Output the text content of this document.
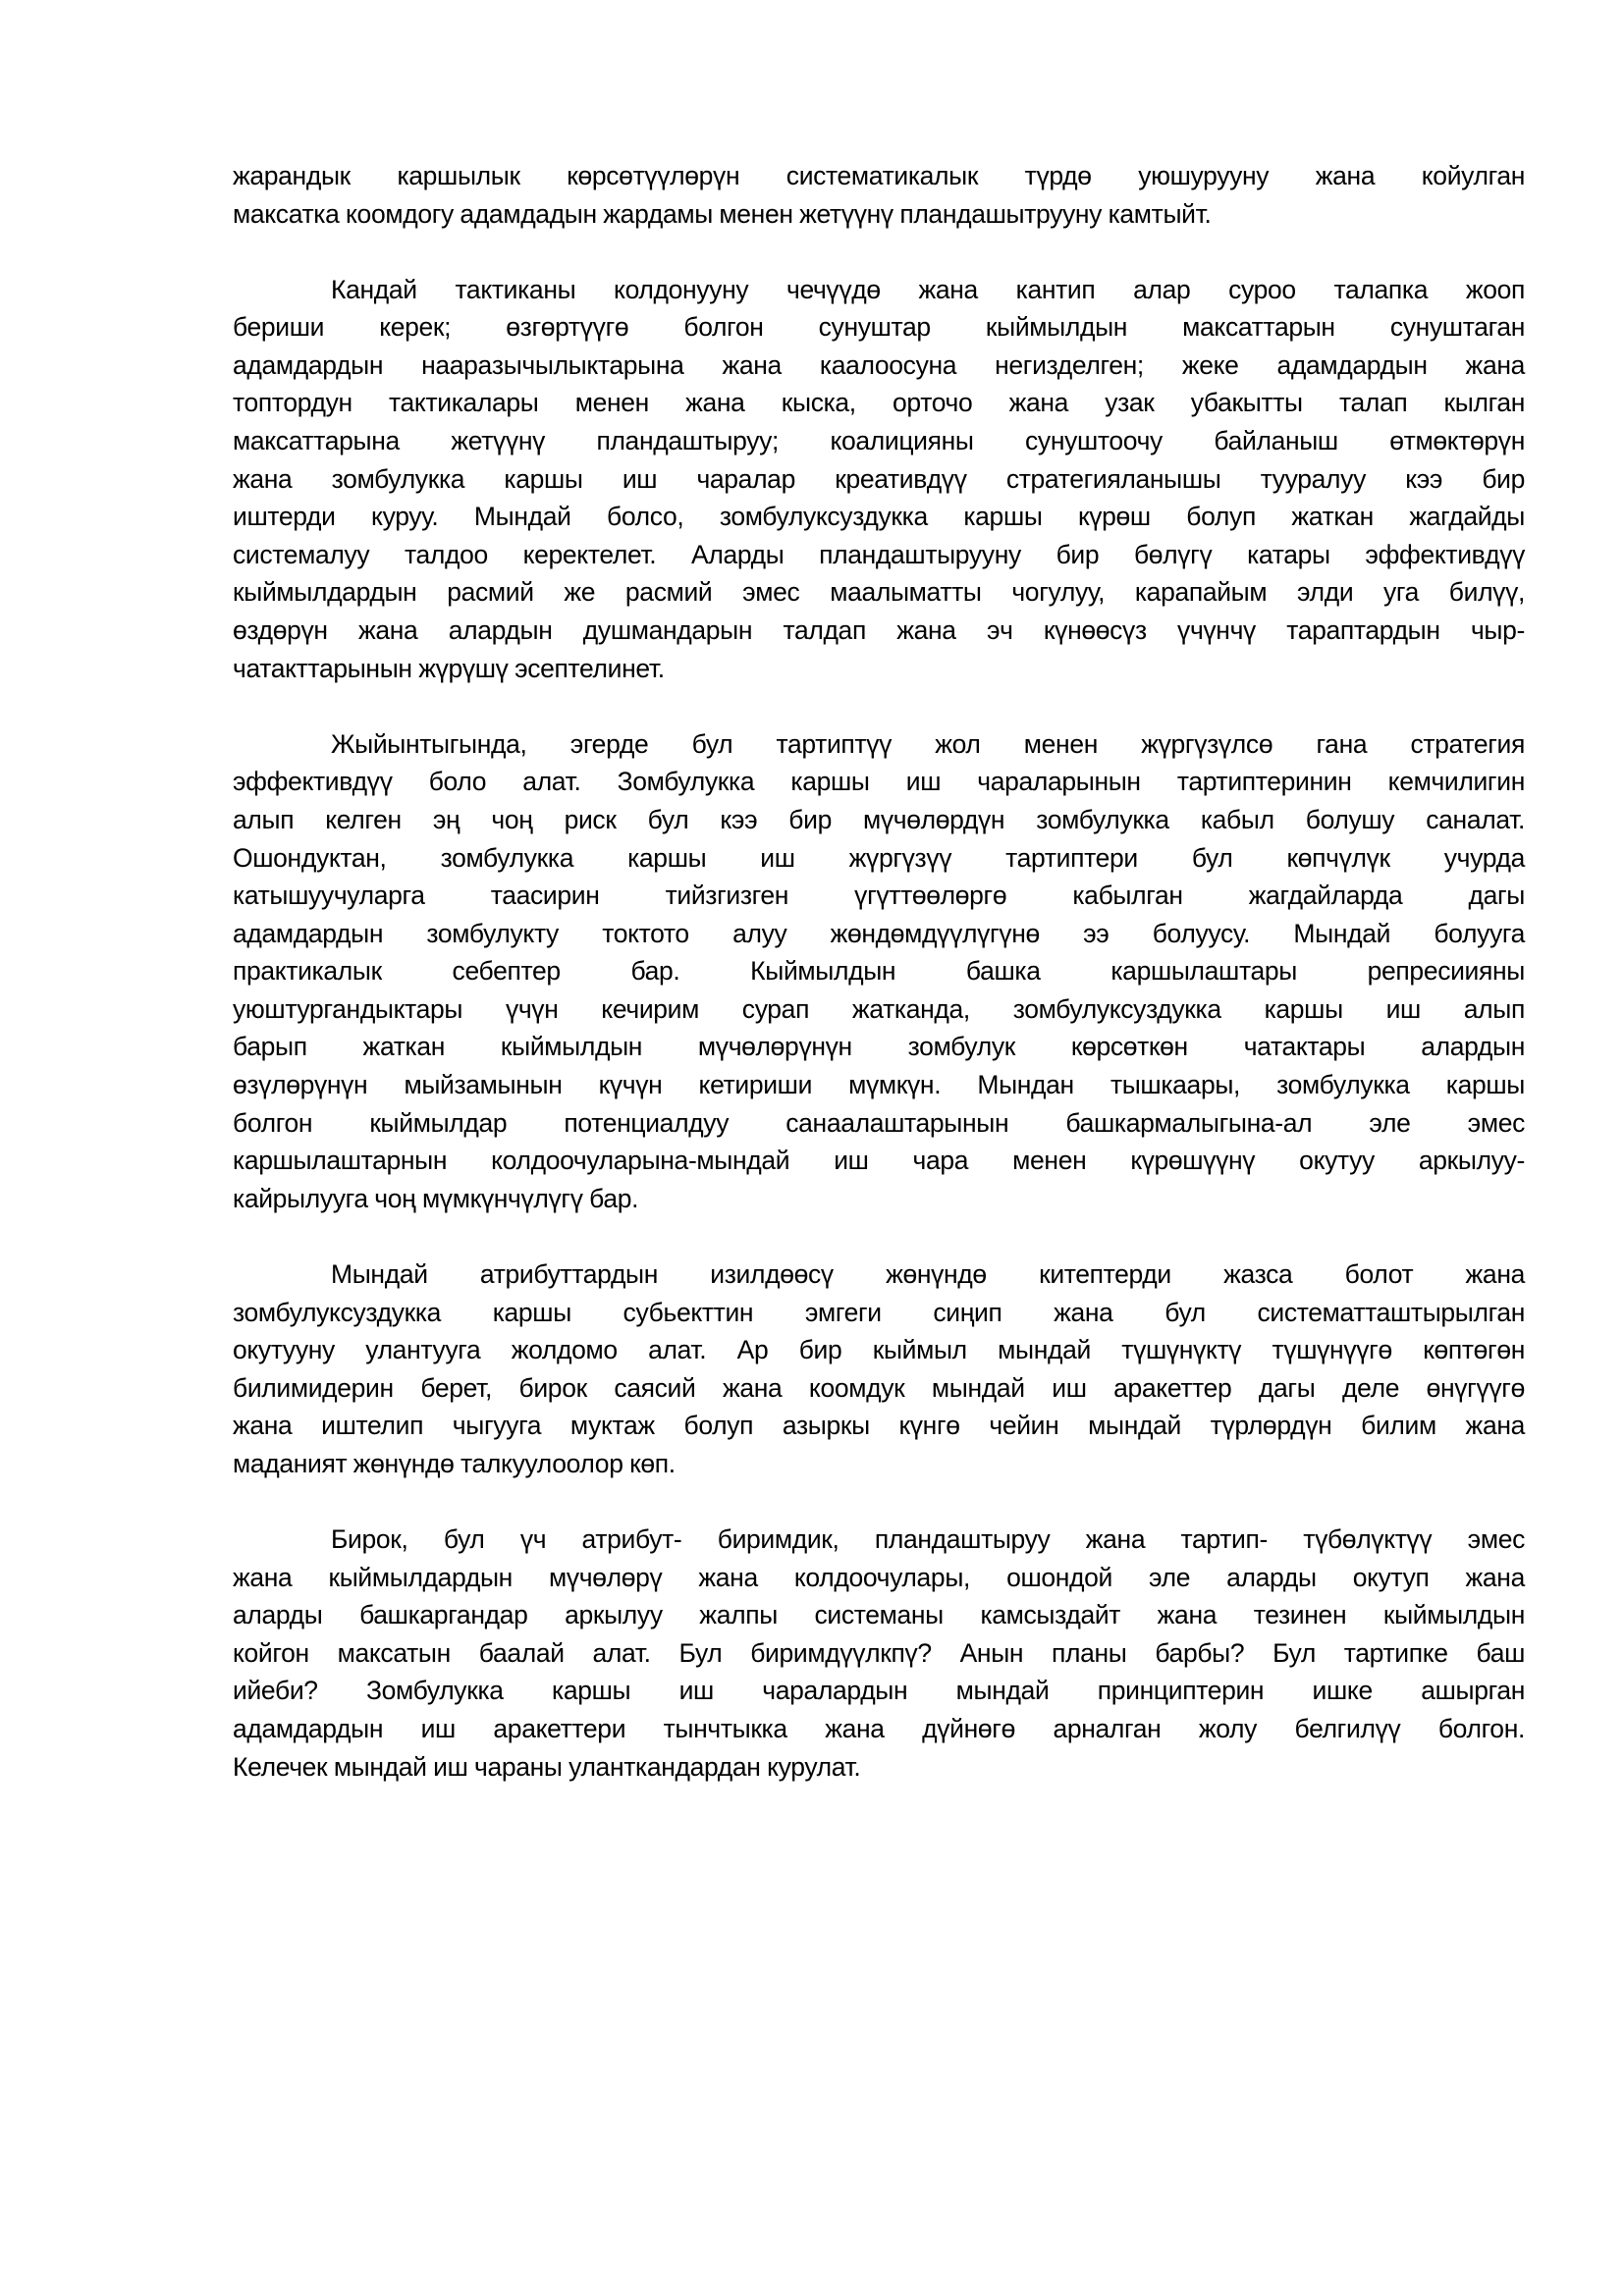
жарандык каршылык көрсөтүүлөрүн систематикалык түрдө уюшурууну жана койулган
максатка коомдогу адамдадын жардамы менен жетүүнү пландашытрууну камтыйт.
Кандай тактиканы колдонууну чечүүдө жана кантип алар суроо талапка жооп
бериши керек; өзгөртүүгө болгон сунуштар кыймылдын максаттарын сунуштаган
адамдардын наарaзычылыктарына жана каалоосуна негизделген; жеке адамдардын жана
топтордун тактикалары менен жана кыска, орточо жана узак убакытты талап кылган
максаттарына жетүүнү пландаштыруу; коалицияны сунуштоочу байланыш өтмөктөрүн
жана зомбулукка каршы иш чаралар креативдүү стратегияланышы тууралуу кээ бир
иштерди куруу. Мындай болсо, зомбулуксуздукка каршы күрөш болуп жаткан жагдайды
системалуу талдоо керектелет. Аларды пландаштырууну бир бөлүгү катары эффективдүү
кыймылдардын расмий же расмий эмес маалыматты чогулуу, карапайым элди уга билүү,
өздөрүн жана алардын душмандарын талдап жана эч күнөөсүз үчүнчү тараптардын чыр-
чатакттарынын жүрүшү эсептелинет.
Жыйынтыгында, эгерде бул тартиптүү жол менен жүргүзүлсө гана стратегия
эффективдүү боло алат. Зомбулукка каршы иш чараларынын тартиптеринин кемчилигин
алып келген эң чоң риск бул кээ бир мүчөлөрдүн зомбулукка кабыл болушу саналат.
Ошондуктан, зомбулукка каршы иш жүргүзүү тартиптери бул көпчүлүк учурда
катышуучуларга таасирин тийзгизген үгүттөөлөргө кабылган жагдайларда дагы
адамдардын зомбулукту токтото алуу жөндөмдүүлүгүнө ээ болуусу. Мындай болууга
практикалык себептер бар. Кыймылдын башка каршылаштары репресиияны
уюштургандыктары үчүн кечирим сурап жатканда, зомбулуксуздукка каршы иш алып
барып жаткан кыймылдын мүчөлөрүнүн зомбулук көрсөткөн чатактары алардын
өзүлөрүнүн мыйзамынын күчүн кетириши мүмкүн. Мындан тышкаары, зомбулукка каршы
болгон кыймылдар потенциалдуу санаалаштарынын башкармалыгына-ал эле эмес
каршылаштарнын колдоочуларына-мындай иш чара менен күрөшүүнү окутуу аркылуу-
кайрылууга чоң мүмкүнчүлүгү бар.
Мындай атрибуттардын изилдөөсү жөнүндө китептерди жазса болот жана
зомбулуксуздукка каршы субьекттин эмгеги сиңип жана бул систематташтырылган
окутууну улантууга жолдомо алат. Ар бир кыймыл мындай түшүнүктү түшүнүүгө көптөгөн
билимидерин берет, бирок саясий жана коомдук мындай иш аракеттер дагы деле өнүгүүгө
жана иштелип чыгууга муктаж болуп азыркы күнгө чейин мындай түрлөрдүн билим жана
маданият жөнүндө талкуулоолор көп.
Бирок, бул үч атрибут- биримдик, пландаштыруу жана тартип- түбөлүктүү эмес
жана кыймылдардын мүчөлөрү жана колдоочулары, ошондой эле аларды окутуп жана
аларды башкаргандар аркылуу жалпы системаны камсыздайт жана тезинен кыймылдын
койгон максатын баалай алат. Бул биримдүүлкпү? Анын планы барбы? Бул тартипке баш
ийеби? Зомбулукка каршы иш чаралардын мындай принциптерин ишке ашырган
адамдардын иш аракеттери тынчтыкка жана дүйнөгө арналган жолу белгилүү болгон.
Келечек мындай иш чараны уланткандардан курулат.
